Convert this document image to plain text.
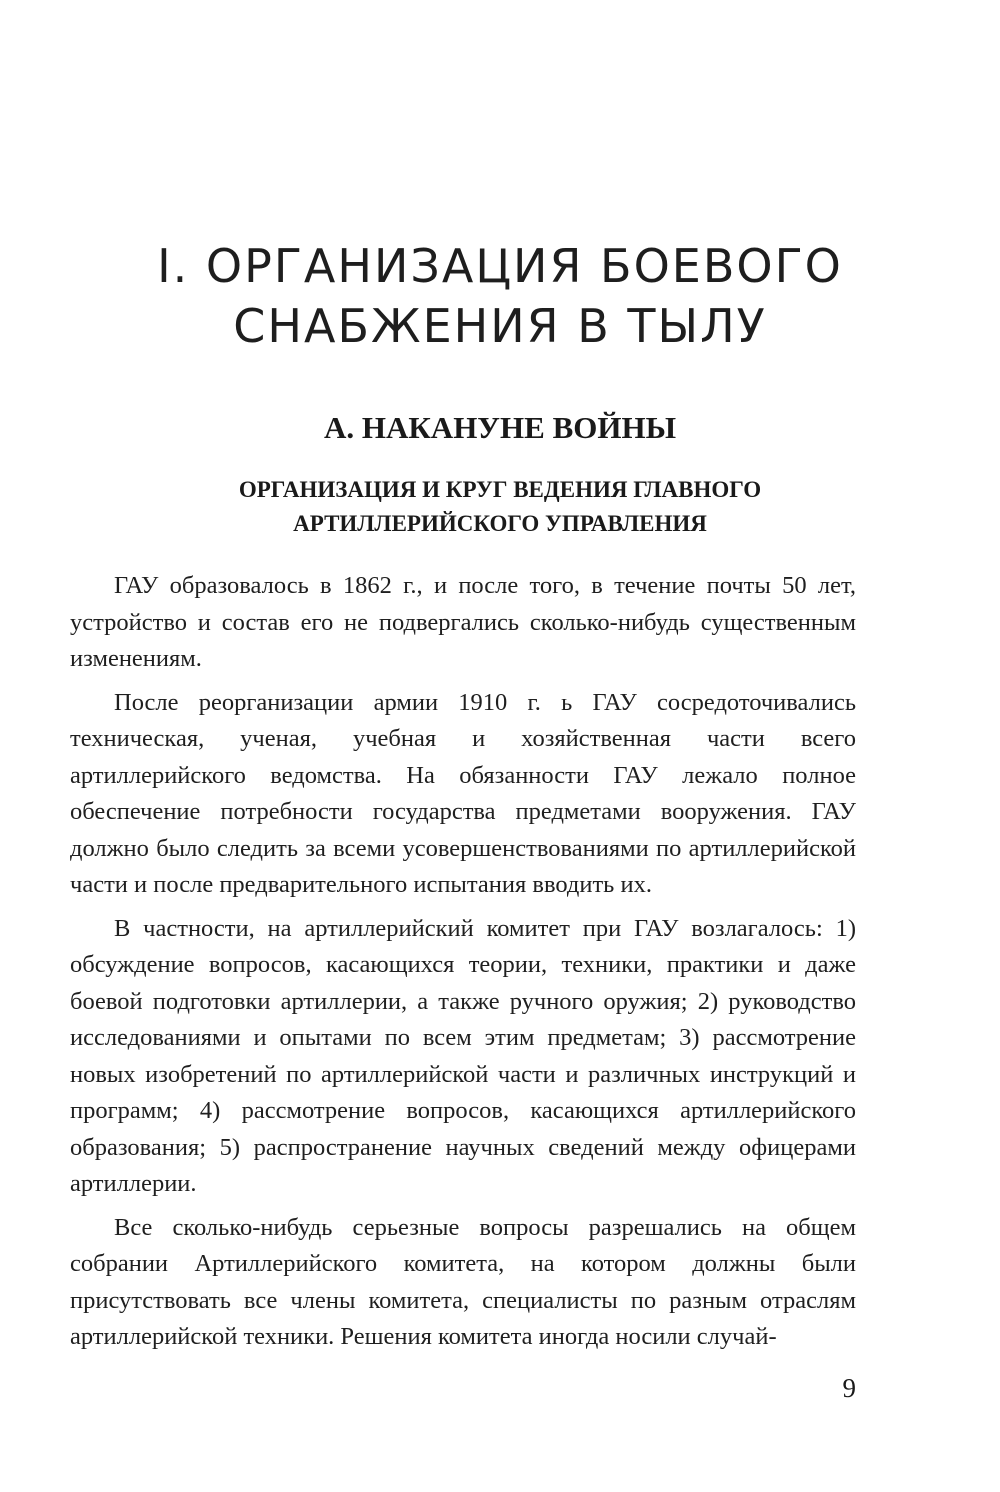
I. ОРГАНИЗАЦИЯ БОЕВОГО
СНАБЖЕНИЯ В ТЫЛУ
А. НАКАНУНЕ ВОЙНЫ
ОРГАНИЗАЦИЯ И КРУГ ВЕДЕНИЯ ГЛАВНОГО
АРТИЛЛЕРИЙСКОГО УПРАВЛЕНИЯ

ГАУ образовалось в 1862 г., и после того, в течение почты 50 лет, устройство и состав его не подвергались сколько-нибудь существенным изменениям.

После реорганизации армии 1910 г. ь ГАУ сосредоточивались техническая, ученая, учебная и хозяйственная части всего артиллерийского ведомства. На обязанности ГАУ лежало полное обеспечение потребности государства предметами вооружения. ГАУ должно было следить за всеми усовершенствованиями по артиллерийской части и после предварительного испытания вводить их.

В частности, на артиллерийский комитет при ГАУ возлагалось: 1) обсуждение вопросов, касающихся теории, техники, практики и даже боевой подготовки артиллерии, а также ручного оружия; 2) руководство исследованиями и опытами по всем этим предметам; 3) рассмотрение новых изобретений по артиллерийской части и различных инструкций и программ; 4) рассмотрение вопросов, касающихся артиллерийского образования; 5) распространение научных сведений между офицерами артиллерии.

Все сколько-нибудь серьезные вопросы разрешались на общем собрании Артиллерийского комитета, на котором должны были присутствовать все члены комитета, специалисты по разным отраслям артиллерийской техники. Решения комитета иногда носили случай-

9
